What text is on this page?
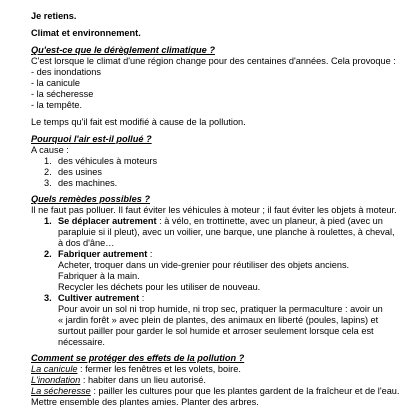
Je retiens.
Climat et environnement.
Qu'est-ce que le dérèglement climatique ?
C'est lorsque le climat d'une région change pour des centaines d'années. Cela provoque :
- des inondations
- la canicule
- la sécheresse
- la tempête.
Le temps qu'il fait est modifié à cause de la pollution.
Pourquoi l'air est-il pollué ?
A cause :
1. des véhicules à moteurs
2. des usines
3. des machines.
Quels remèdes possibles ?
Il ne faut pas polluer. Il faut éviter les véhicules à moteur ; il faut éviter les objets à moteur.
1. Se déplacer autrement : à vélo, en trottinette, avec un planeur, à pied (avec un
parapluie si il pleut), avec un voilier, une barque, une planche à roulettes, à cheval,
à dos d'âne…
2. Fabriquer autrement :
Acheter, troquer dans un vide-grenier pour réutiliser des objets anciens.
Fabriquer à la main.
Recycler les déchets pour les utiliser de nouveau.
3. Cultiver autrement :
Pour avoir un sol ni trop humide, ni trop sec, pratiquer la permaculture : avoir un
« jardin forêt » avec plein de plantes, des animaux en liberté (poules, lapins) et
surtout pailler pour garder le sol humide et arroser seulement lorsque cela est
nécessaire.
Comment se protéger des effets de la pollution ?
La canicule : fermer les fenêtres et les volets, boire.
L'inondation : habiter dans un lieu autorisé.
La sécheresse : pailler les cultures pour que les plantes gardent de la fraîcheur et de l'eau.
Mettre ensemble des plantes amies. Planter des arbres.
